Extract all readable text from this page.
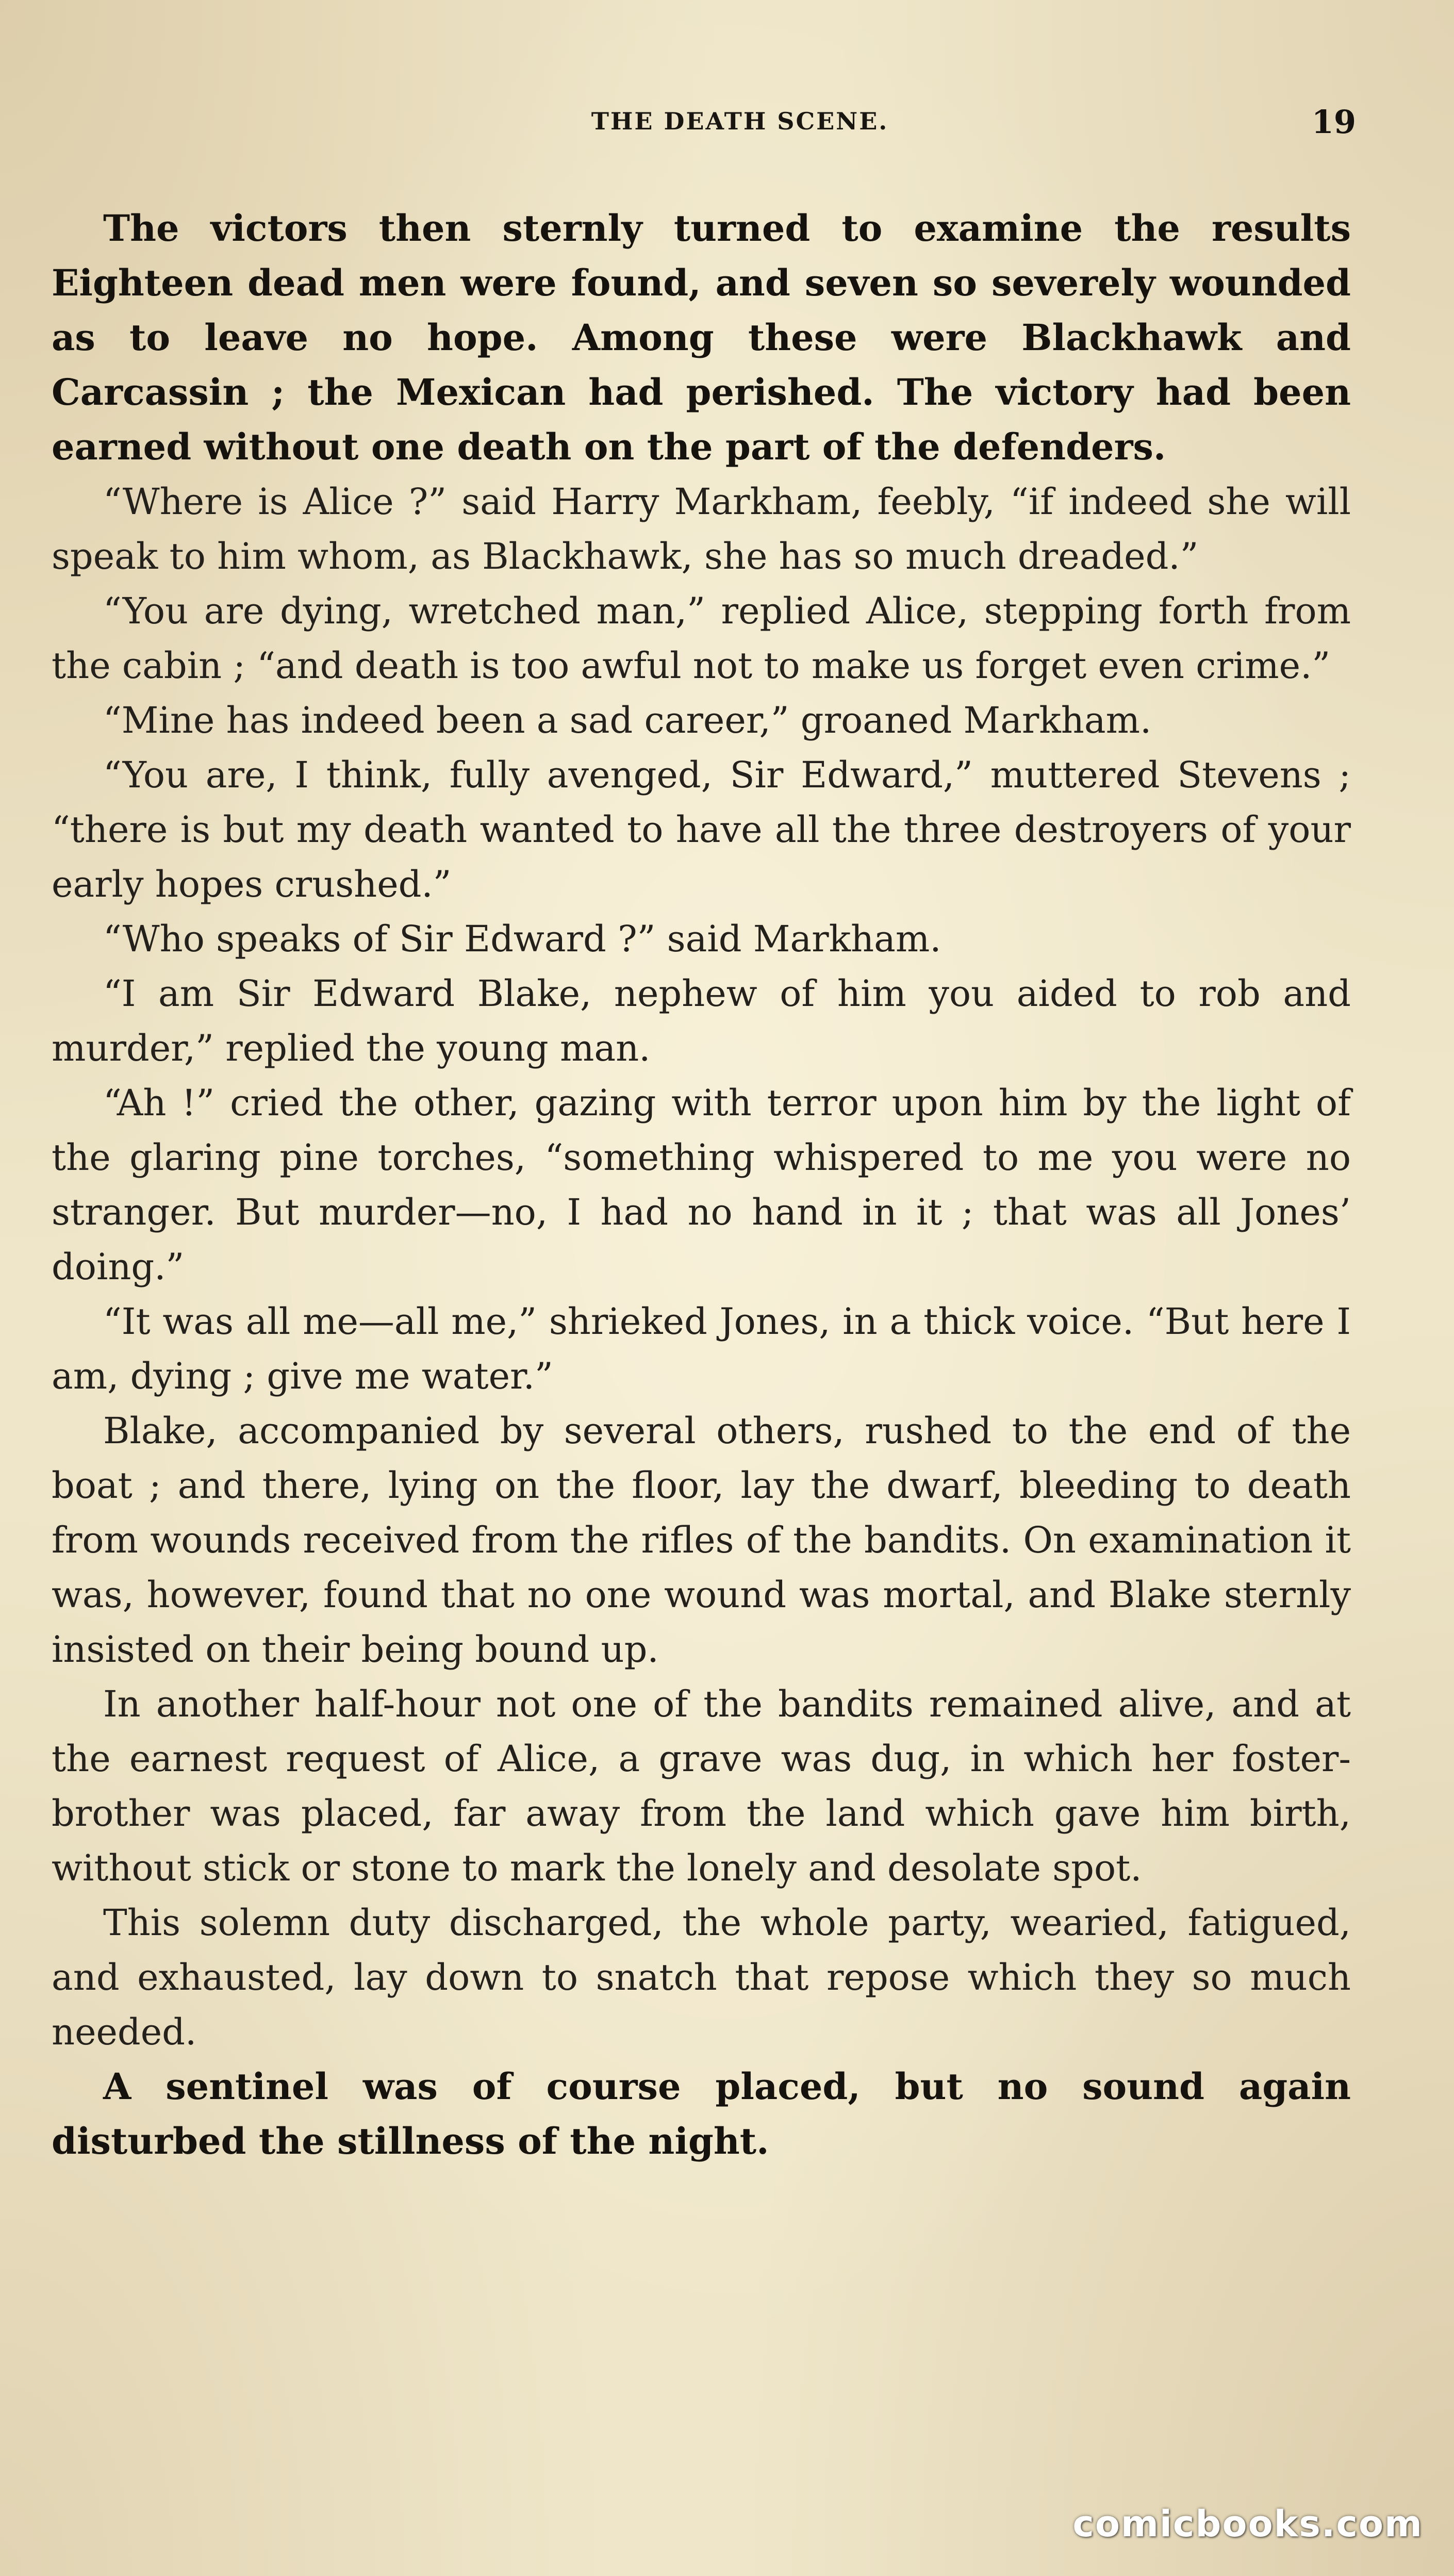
THE DEATH SCENE.	19

The victors then sternly turned to examine the results Eighteen dead men were found, and seven so severely wounded as to leave no hope. Among these were Blackhawk and Carcassin ; the Mexican had perished. The victory had been earned without one death on the part of the defenders.

“Where is Alice ?” said Harry Markham, feebly, “if indeed she will speak to him whom, as Blackhawk, she has so much dreaded.”

“You are dying, wretched man,” replied Alice, stepping forth from the cabin ; “and death is too awful not to make us forget even crime.”

“Mine has indeed been a sad career,” groaned Markham.

“You are, I think, fully avenged, Sir Edward,” muttered Stevens ; “there is but my death wanted to have all the three destroyers of your early hopes crushed.”

“Who speaks of Sir Edward ?” said Markham.

“I am Sir Edward Blake, nephew of him you aided to rob and murder,” replied the young man.

“Ah !” cried the other, gazing with terror upon him by the light of the glaring pine torches, “something whispered to me you were no stranger. But murder—no, I had no hand in it ; that was all Jones’ doing.”

“It was all me—all me,” shrieked Jones, in a thick voice. “But here I am, dying ; give me water.”

Blake, accompanied by several others, rushed to the end of the boat ; and there, lying on the floor, lay the dwarf, bleeding to death from wounds received from the rifles of the bandits. On examination it was, however, found that no one wound was mortal, and Blake sternly insisted on their being bound up.

In another half-hour not one of the bandits remained alive, and at the earnest request of Alice, a grave was dug, in which her foster-brother was placed, far away from the land which gave him birth, without stick or stone to mark the lonely and desolate spot.

This solemn duty discharged, the whole party, wearied, fatigued, and exhausted, lay down to snatch that repose which they so much needed.

A sentinel was of course placed, but no sound again disturbed the stillness of the night.

comicbooks.com
